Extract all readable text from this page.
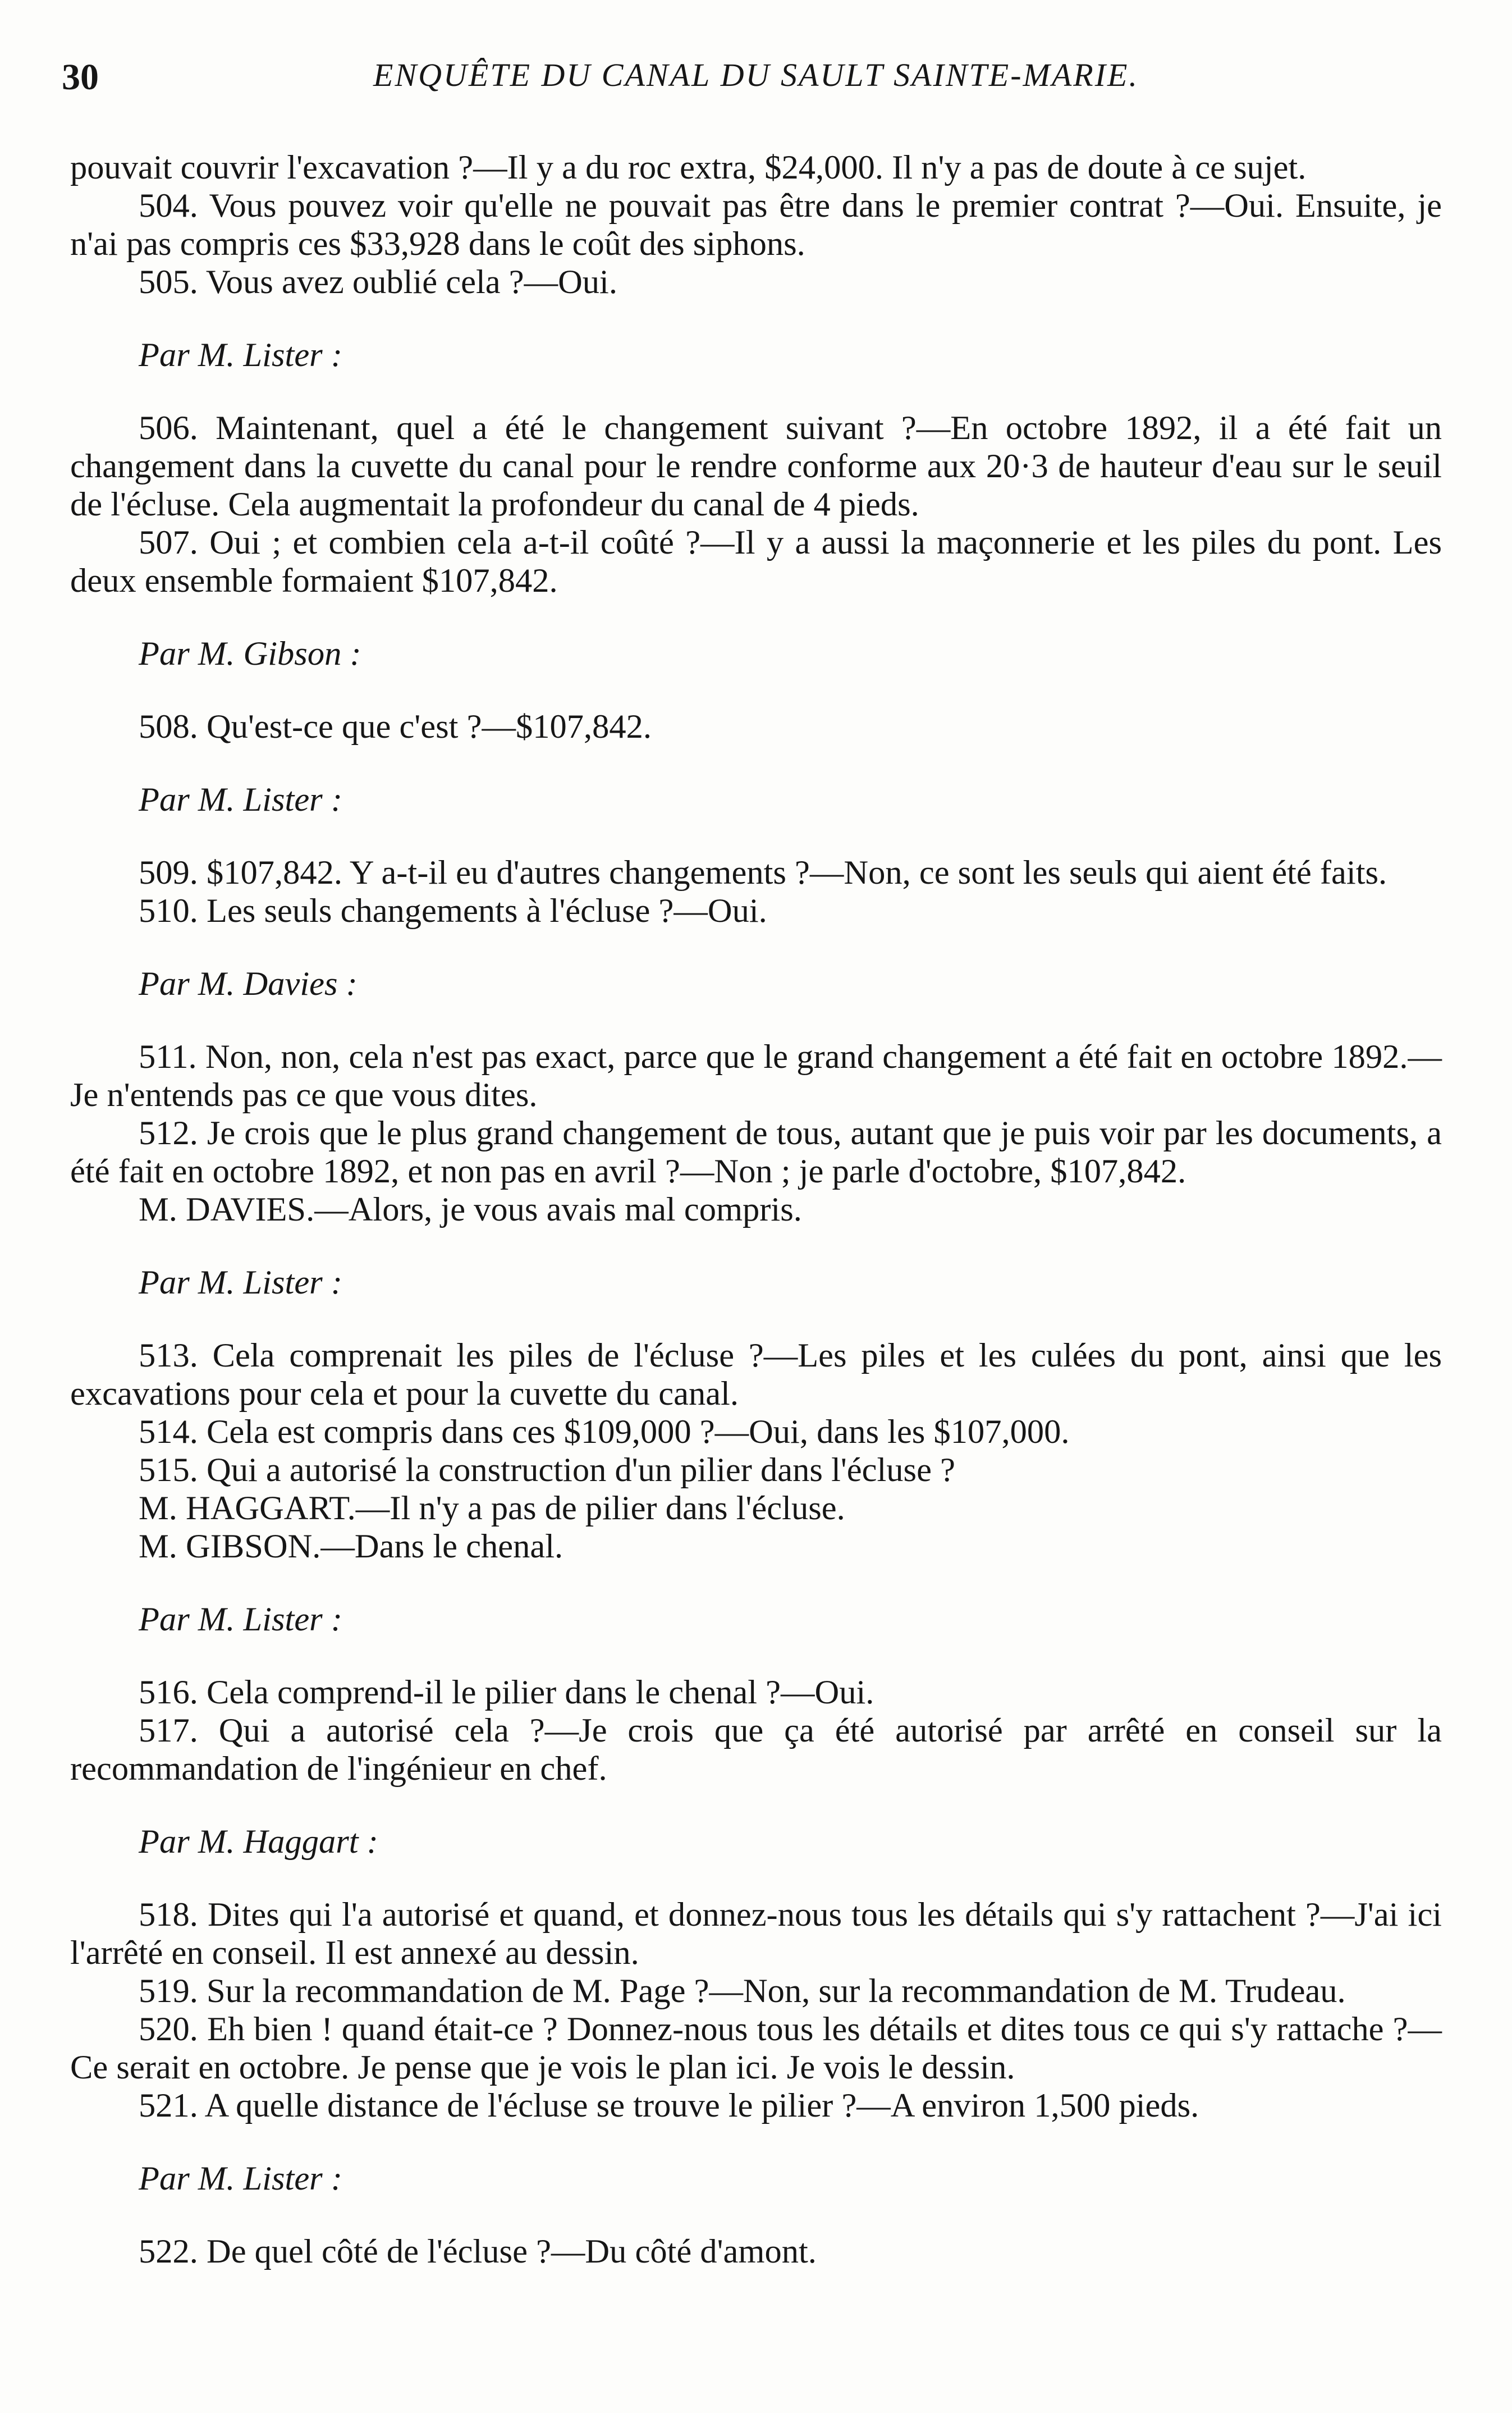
30	ENQUÊTE DU CANAL DU SAULT SAINTE-MARIE.

pouvait couvrir l'excavation ?—Il y a du roc extra, $24,000. Il n'y a pas de doute à ce sujet.

504. Vous pouvez voir qu'elle ne pouvait pas être dans le premier contrat ?—Oui. Ensuite, je n'ai pas compris ces $33,928 dans le coût des siphons.

505. Vous avez oublié cela ?—Oui.

Par M. Lister :

506. Maintenant, quel a été le changement suivant ?—En octobre 1892, il a été fait un changement dans la cuvette du canal pour le rendre conforme aux 20·3 de hauteur d'eau sur le seuil de l'écluse. Cela augmentait la profondeur du canal de 4 pieds.

507. Oui ; et combien cela a-t-il coûté ?—Il y a aussi la maçonnerie et les piles du pont. Les deux ensemble formaient $107,842.

Par M. Gibson :

508. Qu'est-ce que c'est ?—$107,842.

Par M. Lister :

509. $107,842. Y a-t-il eu d'autres changements ?—Non, ce sont les seuls qui aient été faits.

510. Les seuls changements à l'écluse ?—Oui.

Par M. Davies :

511. Non, non, cela n'est pas exact, parce que le grand changement a été fait en octobre 1892.—Je n'entends pas ce que vous dites.

512. Je crois que le plus grand changement de tous, autant que je puis voir par les documents, a été fait en octobre 1892, et non pas en avril ?—Non ; je parle d'octobre, $107,842.

M. DAVIES.—Alors, je vous avais mal compris.

Par M. Lister :

513. Cela comprenait les piles de l'écluse ?—Les piles et les culées du pont, ainsi que les excavations pour cela et pour la cuvette du canal.

514. Cela est compris dans ces $109,000 ?—Oui, dans les $107,000.

515. Qui a autorisé la construction d'un pilier dans l'écluse ?

M. HAGGART.—Il n'y a pas de pilier dans l'écluse.

M. GIBSON.—Dans le chenal.

Par M. Lister :

516. Cela comprend-il le pilier dans le chenal ?—Oui.

517. Qui a autorisé cela ?—Je crois que ça été autorisé par arrêté en conseil sur la recommandation de l'ingénieur en chef.

Par M. Haggart :

518. Dites qui l'a autorisé et quand, et donnez-nous tous les détails qui s'y rattachent ?—J'ai ici l'arrêté en conseil. Il est annexé au dessin.

519. Sur la recommandation de M. Page ?—Non, sur la recommandation de M. Trudeau.

520. Eh bien ! quand était-ce ? Donnez-nous tous les détails et dites tous ce qui s'y rattache ?—Ce serait en octobre. Je pense que je vois le plan ici. Je vois le dessin.

521. A quelle distance de l'écluse se trouve le pilier ?—A environ 1,500 pieds.

Par M. Lister :

522. De quel côté de l'écluse ?—Du côté d'amont.
